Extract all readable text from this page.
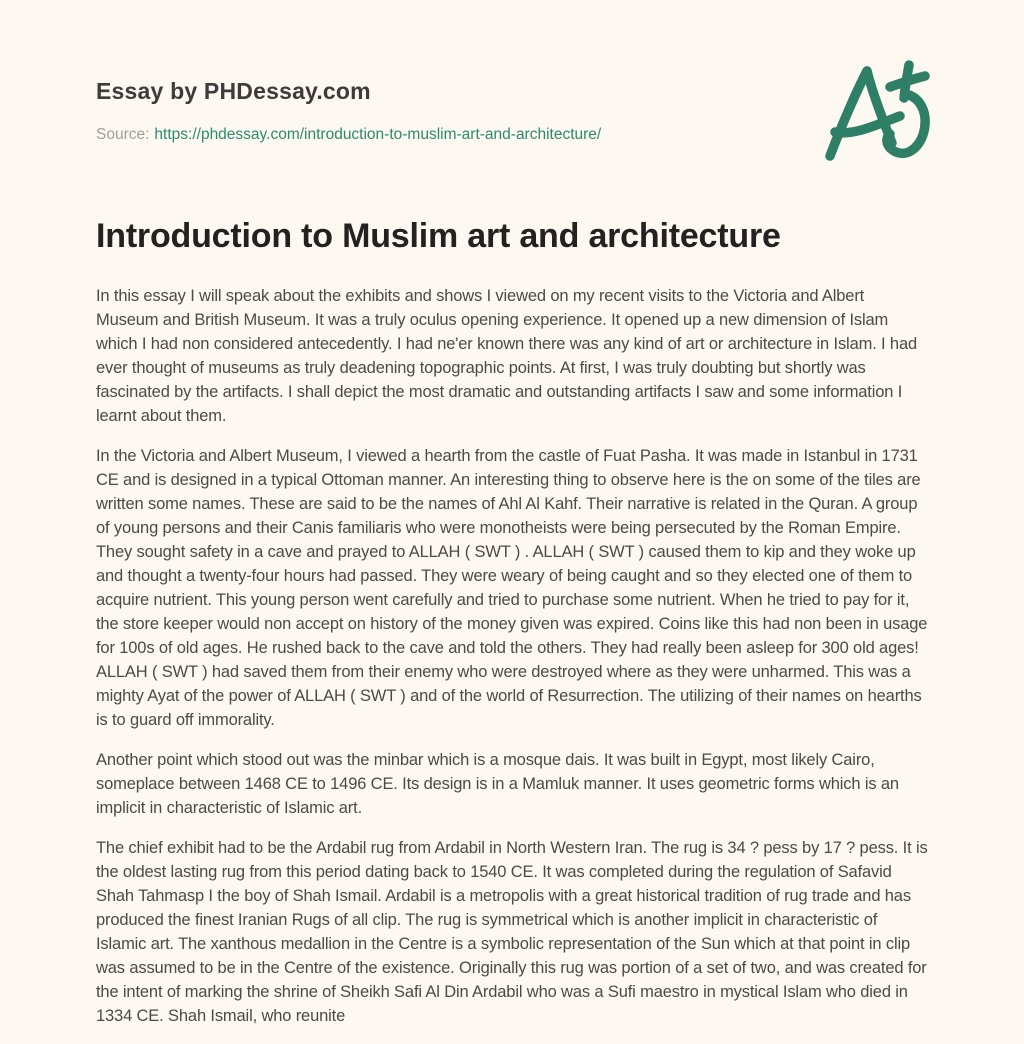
Essay by PHDessay.com
Source: https://phdessay.com/introduction-to-muslim-art-and-architecture/
Introduction to Muslim art and architecture

In this essay I will speak about the exhibits and shows I viewed on my recent visits to the Victoria and Albert Museum and British Museum. It was a truly oculus opening experience. It opened up a new dimension of Islam which I had non considered antecedently. I had ne'er known there was any kind of art or architecture in Islam. I had ever thought of museums as truly deadening topographic points. At first, I was truly doubting but shortly was fascinated by the artifacts. I shall depict the most dramatic and outstanding artifacts I saw and some information I learnt about them.

In the Victoria and Albert Museum, I viewed a hearth from the castle of Fuat Pasha. It was made in Istanbul in 1731 CE and is designed in a typical Ottoman manner. An interesting thing to observe here is the on some of the tiles are written some names. These are said to be the names of Ahl Al Kahf. Their narrative is related in the Quran. A group of young persons and their Canis familiaris who were monotheists were being persecuted by the Roman Empire. They sought safety in a cave and prayed to ALLAH ( SWT ) . ALLAH ( SWT ) caused them to kip and they woke up and thought a twenty-four hours had passed. They were weary of being caught and so they elected one of them to acquire nutrient. This young person went carefully and tried to purchase some nutrient. When he tried to pay for it, the store keeper would non accept on history of the money given was expired. Coins like this had non been in usage for 100s of old ages. He rushed back to the cave and told the others. They had really been asleep for 300 old ages! ALLAH ( SWT ) had saved them from their enemy who were destroyed where as they were unharmed. This was a mighty Ayat of the power of ALLAH ( SWT ) and of the world of Resurrection. The utilizing of their names on hearths is to guard off immorality.

Another point which stood out was the minbar which is a mosque dais. It was built in Egypt, most likely Cairo, someplace between 1468 CE to 1496 CE. Its design is in a Mamluk manner. It uses geometric forms which is an implicit in characteristic of Islamic art.

The chief exhibit had to be the Ardabil rug from Ardabil in North Western Iran. The rug is 34 ? pess by 17 ? pess. It is the oldest lasting rug from this period dating back to 1540 CE. It was completed during the regulation of Safavid Shah Tahmasp I the boy of Shah Ismail. Ardabil is a metropolis with a great historical tradition of rug trade and has produced the finest Iranian Rugs of all clip. The rug is symmetrical which is another implicit in characteristic of Islamic art. The xanthous medallion in the Centre is a symbolic representation of the Sun which at that point in clip was assumed to be in the Centre of the existence. Originally this rug was portion of a set of two, and was created for the intent of marking the shrine of Sheikh Safi Al Din Ardabil who was a Sufi maestro in mystical Islam who died in 1334 CE. Shah Ismail, who reunite
